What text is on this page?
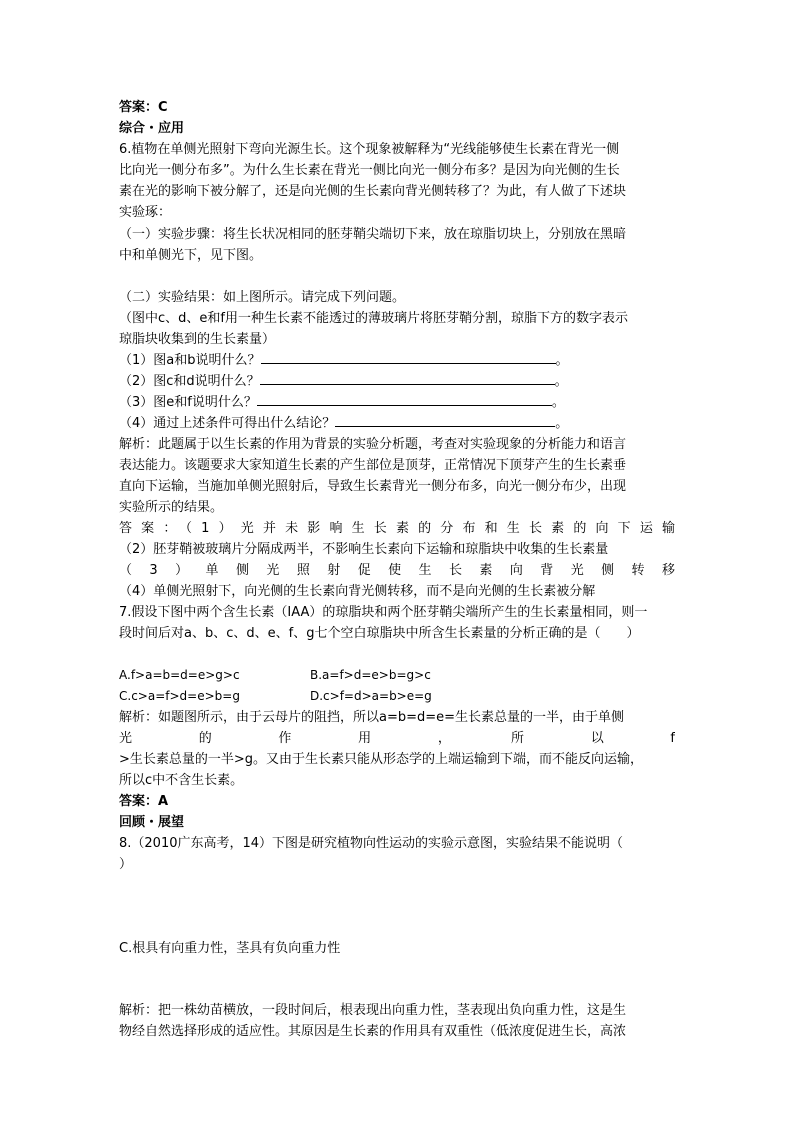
答案：C
综合・应用
6.植物在单侧光照射下弯向光源生长。这个现象被解释为“光线能够使生长素在背光一侧
比向光一侧分布多”。为什么生长素在背光一侧比向光一侧分布多？是因为向光侧的生长
素在光的影响下被分解了，还是向光侧的生长素向背光侧转移了？为此，有人做了下述块
实验琢：
（一）实验步骤：将生长状况相同的胚芽鞘尖端切下来，放在琼脂切块上，分别放在黑暗
中和单侧光下，见下图。
（二）实验结果：如上图所示。请完成下列问题。
（图中c、d、e和f用一种生长素不能透过的薄玻璃片将胚芽鞘分割，琼脂下方的数字表示
琼脂块收集到的生长素量）
（1）图a和b说明什么？	。
（2）图c和d说明什么？	。
（3）图e和f说明什么？	。
（4）通过上述条件可得出什么结论？	。
解析：此题属于以生长素的作用为背景的实验分析题，考查对实验现象的分析能力和语言
表达能力。该题要求大家知道生长素的产生部位是顶芽，正常情况下顶芽产生的生长素垂
直向下运输，当施加单侧光照射后，导致生长素背光一侧分布多，向光一侧分布少，出现
实验所示的结果。
答案：（1）光并未影响生长素的分布和生长素的向下运输
（2）胚芽鞘被玻璃片分隔成两半，不影响生长素向下运输和琼脂块中收集的生长素量
（3）单侧光照射促使生长素向背光侧转移
（4）单侧光照射下，向光侧的生长素向背光侧转移，而不是向光侧的生长素被分解
7.假设下图中两个含生长素（IAA）的琼脂块和两个胚芽鞘尖端所产生的生长素量相同，则一
段时间后对a、b、c、d、e、f、g七个空白琼脂块中所含生长素量的分析正确的是（　　）
A.f>a=b=d=e>g>c	B.a=f>d=e>b=g>c
C.c>a=f>d=e>b=g	D.c>f=d>a=b>e=g
解析：如题图所示，由于云母片的阻挡，所以a=b=d=e=生长素总量的一半，由于单侧
光　的　作　用　，　所　以　f
>生长素总量的一半>g。又由于生长素只能从形态学的上端运输到下端，而不能反向运输，
所以c中不含生长素。
答案：A
回顾・展望
8.（2010广东高考，14）下图是研究植物向性运动的实验示意图，实验结果不能说明（
）
C.根具有向重力性，茎具有负向重力性
解析：把一株幼苗横放，一段时间后，根表现出向重力性，茎表现出负向重力性，这是生
物经自然选择形成的适应性。其原因是生长素的作用具有双重性（低浓度促进生长，高浓
